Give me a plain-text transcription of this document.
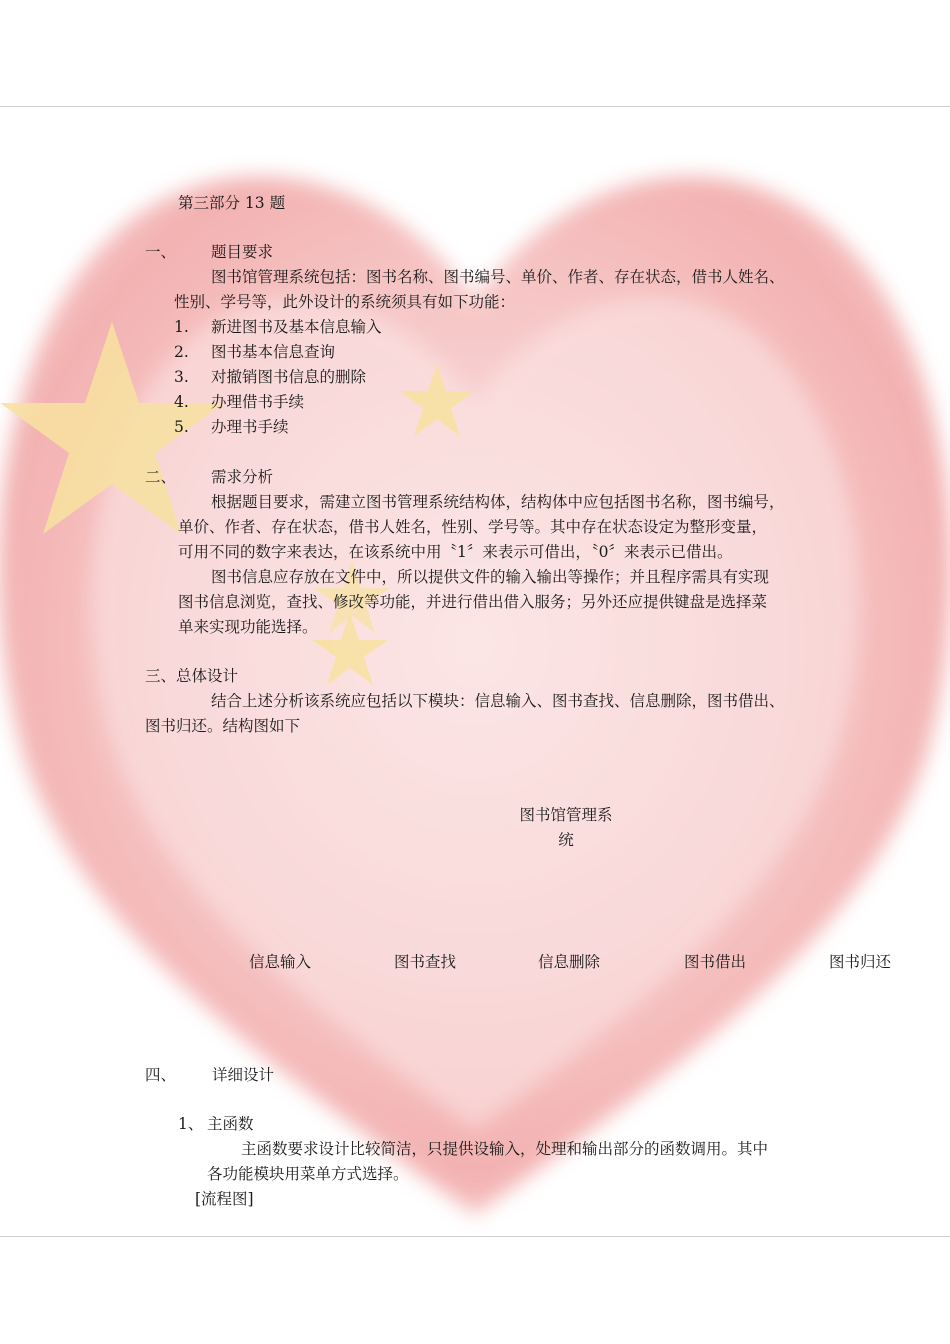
第三部分 13 题
一、 题目要求
图书馆管理系统包括：图书名称、图书编号、单价、作者、存在状态，借书人姓名、
性别、学号等，此外设计的系统须具有如下功能：
1. 新进图书及基本信息输入
2. 图书基本信息查询
3. 对撤销图书信息的删除
4. 办理借书手续
5. 办理书手续
二、 需求分析
根据题目要求，需建立图书管理系统结构体，结构体中应包括图书名称，图书编号，
单价、作者、存在状态，借书人姓名，性别、学号等。其中存在状态设定为整形变量，
可用不同的数字来表达，在该系统中用〝1〞来表示可借出，〝0〞来表示已借出。
图书信息应存放在文件中，所以提供文件的输入输出等操作；并且程序需具有实现
图书信息浏览，查找、修改等功能，并进行借出借入服务；另外还应提供键盘是选择菜
单来实现功能选择。
三、总体设计
结合上述分析该系统应包括以下模块：信息输入、图书查找、信息删除，图书借出、
图书归还。结构图如下
图书馆管理系
统
信息输入	图书查找	信息删除	图书借出	图书归还
四、 详细设计
1、 主函数
主函数要求设计比较简洁，只提供设输入，处理和输出部分的函数调用。其中
各功能模块用菜单方式选择。
[流程图]
